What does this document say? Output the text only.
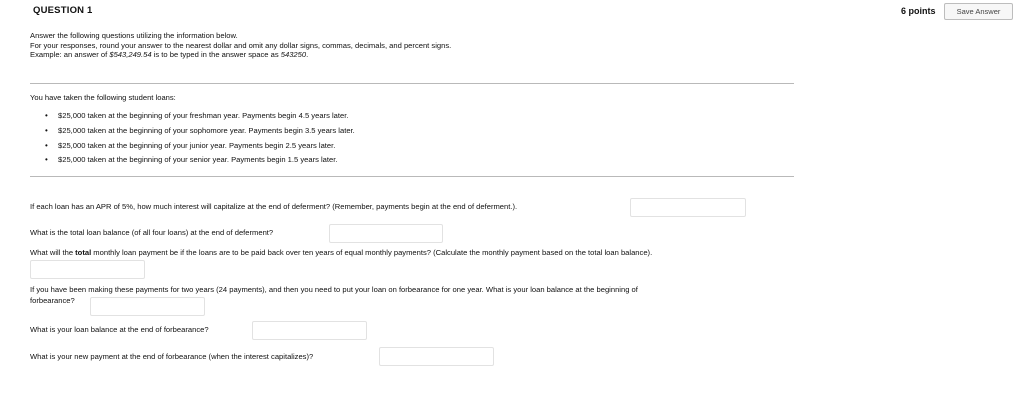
QUESTION 1	6 points	Save Answer
Answer the following questions utilizing the information below.
For your responses, round your answer to the nearest dollar and omit any dollar signs, commas, decimals, and percent signs.
Example: an answer of $543,249.54 is to be typed in the answer space as 543250.
You have taken the following student loans:
•	$25,000 taken at the beginning of your freshman year. Payments begin 4.5 years later.
•	$25,000 taken at the beginning of your sophomore year. Payments begin 3.5 years later.
•	$25,000 taken at the beginning of your junior year. Payments begin 2.5 years later.
•	$25,000 taken at the beginning of your senior year. Payments begin 1.5 years later.
If each loan has an APR of 5%, how much interest will capitalize at the end of deferment? (Remember, payments begin at the end of deferment.).
What is the total loan balance (of all four loans) at the end of deferment?
What will the total monthly loan payment be if the loans are to be paid back over ten years of equal monthly payments? (Calculate the monthly payment based on the total loan balance).
If you have been making these payments for two years (24 payments), and then you need to put your loan on forbearance for one year. What is your loan balance at the beginning of
forbearance?
What is your loan balance at the end of forbearance?
What is your new payment at the end of forbearance (when the interest capitalizes)?
